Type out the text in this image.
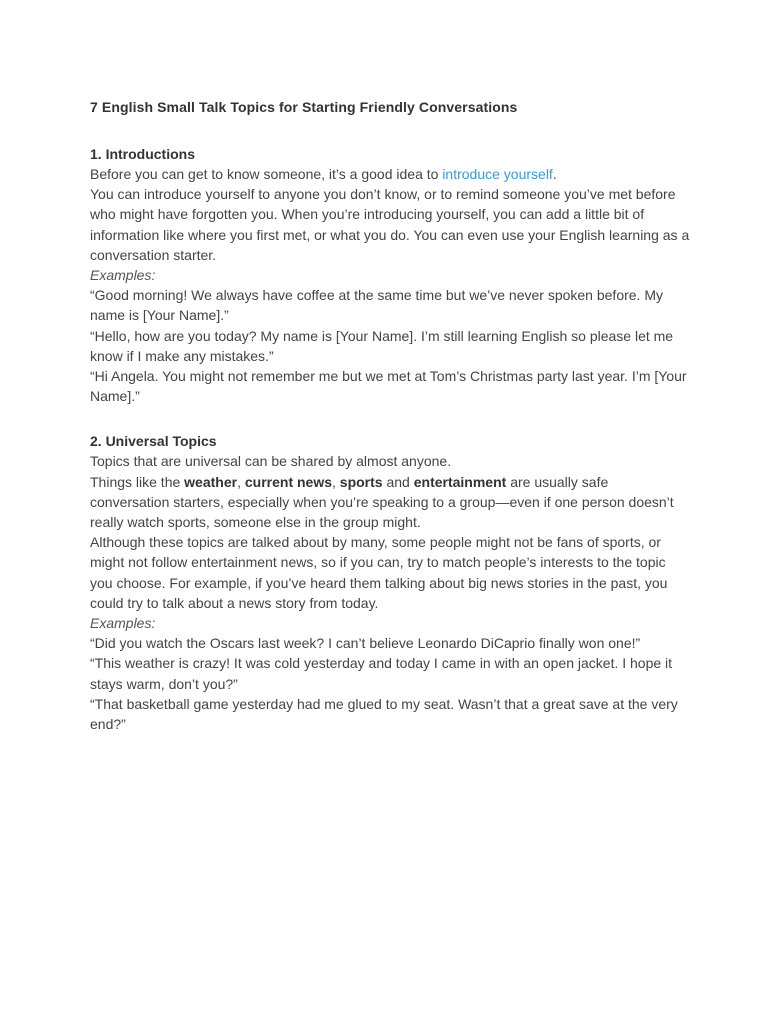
7 English Small Talk Topics for Starting Friendly Conversations
1. Introductions

Before you can get to know someone, it’s a good idea to introduce yourself.

You can introduce yourself to anyone you don’t know, or to remind someone you’ve met before who might have forgotten you. When you’re introducing yourself, you can add a little bit of information like where you first met, or what you do. You can even use your English learning as a conversation starter.

Examples:

“Good morning! We always have coffee at the same time but we’ve never spoken before. My name is [Your Name].”

“Hello, how are you today? My name is [Your Name]. I’m still learning English so please let me know if I make any mistakes.”

“Hi Angela. You might not remember me but we met at Tom’s Christmas party last year. I’m [Your Name].”

2. Universal Topics

Topics that are universal can be shared by almost anyone.

Things like the weather, current news, sports and entertainment are usually safe conversation starters, especially when you’re speaking to a group—even if one person doesn’t really watch sports, someone else in the group might.

Although these topics are talked about by many, some people might not be fans of sports, or might not follow entertainment news, so if you can, try to match people’s interests to the topic you choose. For example, if you’ve heard them talking about big news stories in the past, you could try to talk about a news story from today.

Examples:

“Did you watch the Oscars last week? I can’t believe Leonardo DiCaprio finally won one!”

“This weather is crazy! It was cold yesterday and today I came in with an open jacket. I hope it stays warm, don’t you?”

“That basketball game yesterday had me glued to my seat. Wasn’t that a great save at the very end?”
